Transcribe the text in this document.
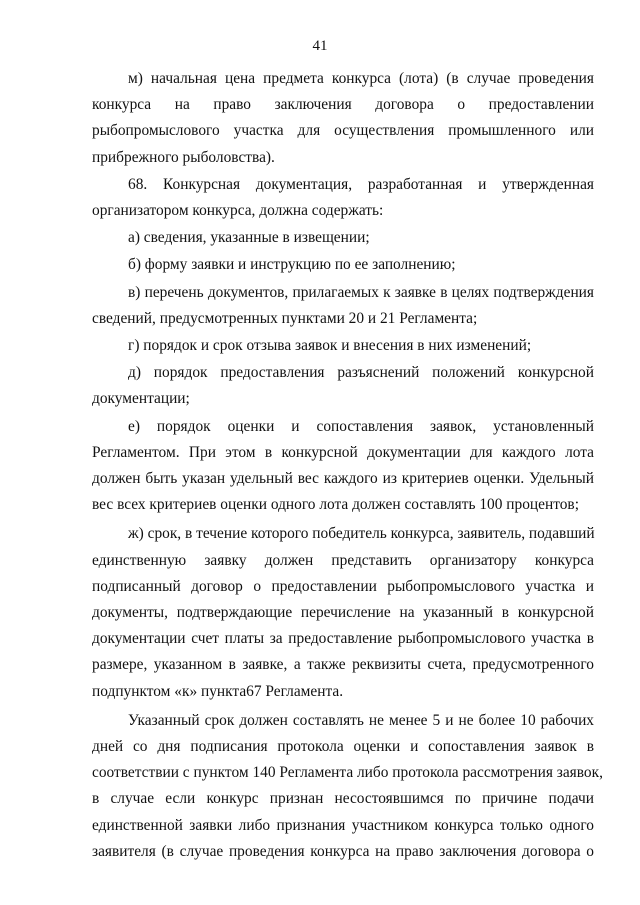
41
м) начальная цена предмета конкурса (лота) (в случае проведения
конкурса на право заключения договора о предоставлении
рыбопромыслового участка для осуществления промышленного или
прибрежного рыболовства).
68. Конкурсная документация, разработанная и утвержденная
организатором конкурса, должна содержать:
а) сведения, указанные в извещении;
б) форму заявки и инструкцию по ее заполнению;
в) перечень документов, прилагаемых к заявке в целях подтверждения
сведений, предусмотренных пунктами 20 и 21 Регламента;
г) порядок и срок отзыва заявок и внесения в них изменений;
д) порядок предоставления разъяснений положений конкурсной
документации;
е) порядок оценки и сопоставления заявок, установленный
Регламентом. При этом в конкурсной документации для каждого лота
должен быть указан удельный вес каждого из критериев оценки. Удельный
вес всех критериев оценки одного лота должен составлять 100 процентов;
ж) срок, в течение которого победитель конкурса, заявитель, подавший
единственную заявку должен представить организатору конкурса
подписанный договор о предоставлении рыбопромыслового участка и
документы, подтверждающие перечисление на указанный в конкурсной
документации счет платы за предоставление рыбопромыслового участка в
размере, указанном в заявке, а также реквизиты счета, предусмотренного
подпунктом «к» пункта67 Регламента.
Указанный срок должен составлять не менее 5 и не более 10 рабочих
дней со дня подписания протокола оценки и сопоставления заявок в
соответствии с пунктом 140 Регламента либо протокола рассмотрения заявок,
в случае если конкурс признан несостоявшимся по причине подачи
единственной заявки либо признания участником конкурса только одного
заявителя (в случае проведения конкурса на право заключения договора о
